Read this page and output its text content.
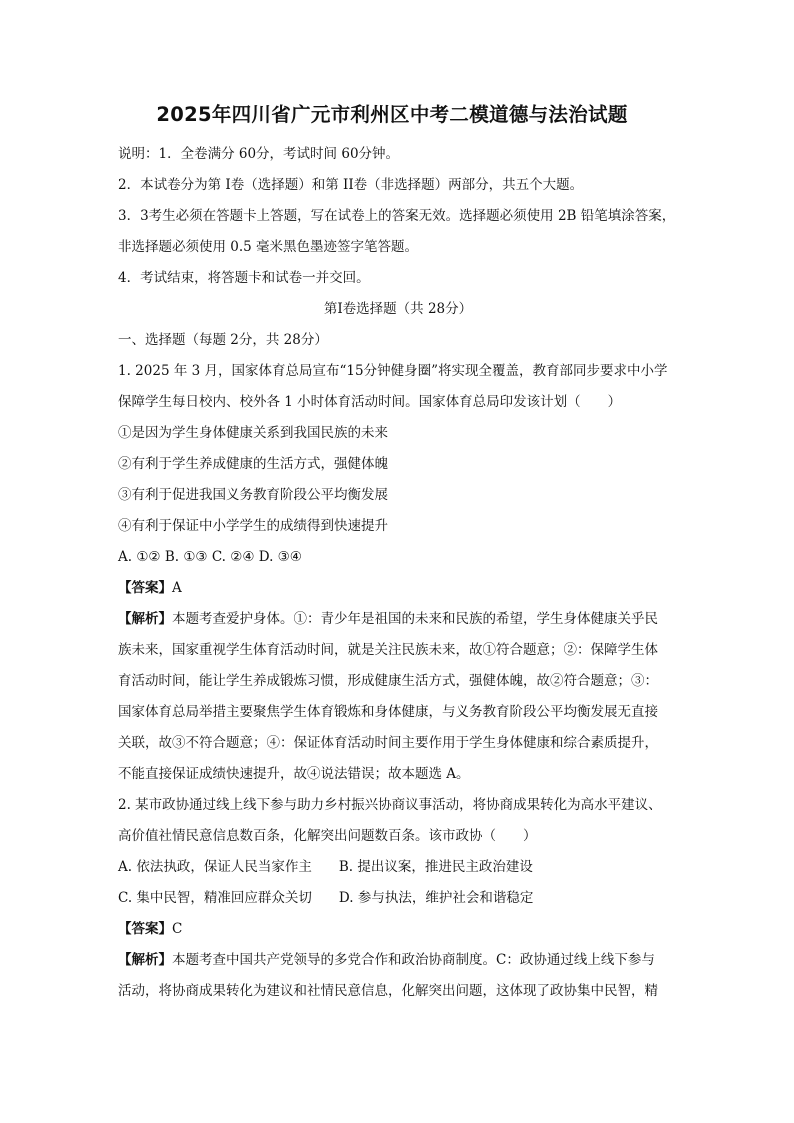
2025年四川省广元市利州区中考二模道德与法治试题

说明：1．全卷满分 60分，考试时间 60分钟。

2．本试卷分为第 I卷（选择题）和第 II卷（非选择题）两部分，共五个大题。

3．3考生必须在答题卡上答题，写在试卷上的答案无效。选择题必须使用 2B 铅笔填涂答案，

非选择题必须使用 0.5 毫米黑色墨迹签字笔答题。

4．考试结束，将答题卡和试卷一并交回。

第Ⅰ卷选择题（共 28分）

一、选择题（每题 2分，共 28分）

1. 2025 年 3 月，国家体育总局宣布“15分钟健身圈”将实现全覆盖，教育部同步要求中小学

保障学生每日校内、校外各 1 小时体育活动时间。国家体育总局印发该计划（　　）

①是因为学生身体健康关系到我国民族的未来

②有利于学生养成健康的生活方式，强健体魄

③有利于促进我国义务教育阶段公平均衡发展

④有利于保证中小学学生的成绩得到快速提升

A. ①② B. ①③ C. ②④ D. ③④

【答案】A

【解析】本题考查爱护身体。①：青少年是祖国的未来和民族的希望，学生身体健康关乎民

族未来，国家重视学生体育活动时间，就是关注民族未来，故①符合题意；②：保障学生体

育活动时间，能让学生养成锻炼习惯，形成健康生活方式，强健体魄，故②符合题意；③：

国家体育总局举措主要聚焦学生体育锻炼和身体健康，与义务教育阶段公平均衡发展无直接

关联，故③不符合题意；④：保证体育活动时间主要作用于学生身体健康和综合素质提升，

不能直接保证成绩快速提升，故④说法错误；故本题选 A。

2. 某市政协通过线上线下参与助力乡村振兴协商议事活动，将协商成果转化为高水平建议、

高价值社情民意信息数百条，化解突出问题数百条。该市政协（　　）

A. 依法执政，保证人民当家作主　　B. 提出议案，推进民主政治建设

C. 集中民智，精准回应群众关切　　D. 参与执法，维护社会和谐稳定

【答案】C

【解析】本题考查中国共产党领导的多党合作和政治协商制度。C：政协通过线上线下参与

活动，将协商成果转化为建议和社情民意信息，化解突出问题，这体现了政协集中民智，精
